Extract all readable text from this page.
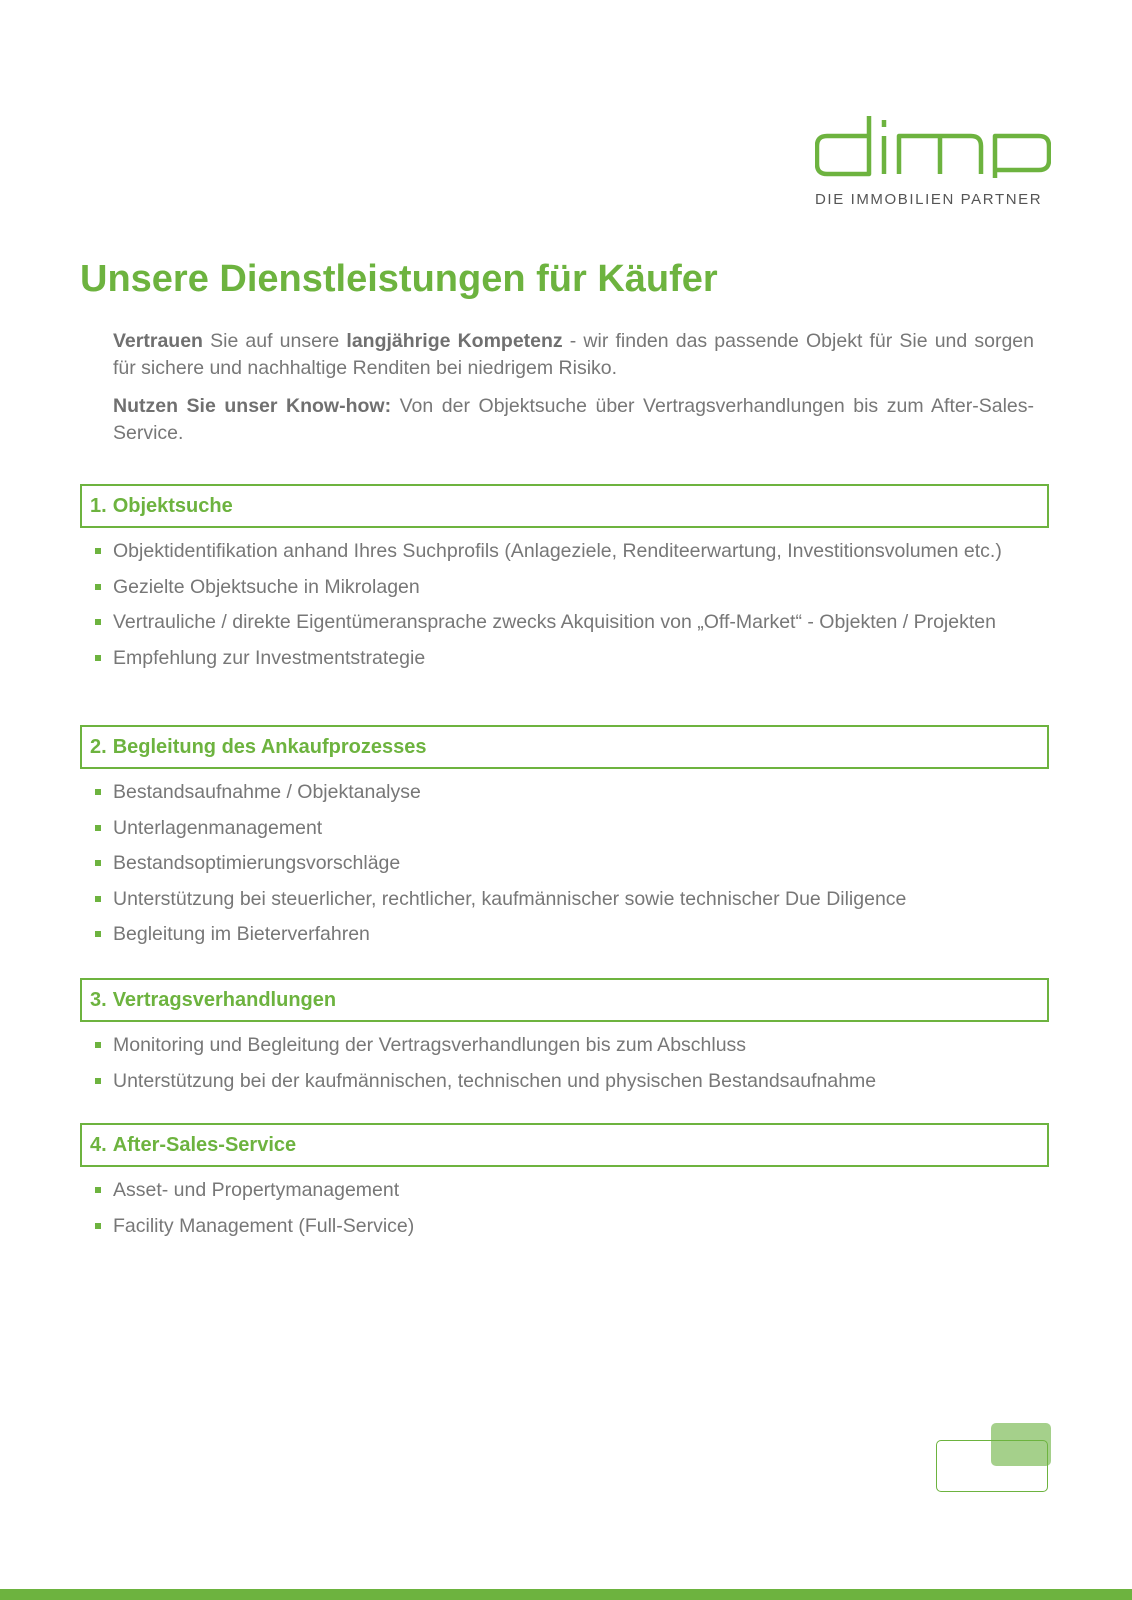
DIE IMMOBILIEN PARTNER
Unsere Dienstleistungen für Käufer

Vertrauen Sie auf unsere langjährige Kompetenz - wir finden das passende Objekt für Sie und sorgen für sichere und nachhaltige Renditen bei niedrigem Risiko.

Nutzen Sie unser Know-how: Von der Objektsuche über Vertragsverhandlungen bis zum After-Sales-Service.

1. Objektsuche
Objektidentifikation anhand Ihres Suchprofils (Anlageziele, Renditeerwartung, Investitionsvolumen etc.)
Gezielte Objektsuche in Mikrolagen
Vertrauliche / direkte Eigentümeransprache zwecks Akquisition von „Off-Market“ - Objekten / Projekten
Empfehlung zur Investmentstrategie
2. Begleitung des Ankaufprozesses
Bestandsaufnahme / Objektanalyse
Unterlagenmanagement
Bestandsoptimierungsvorschläge
Unterstützung bei steuerlicher, rechtlicher, kaufmännischer sowie technischer Due Diligence
Begleitung im Bieterverfahren
3. Vertragsverhandlungen
Monitoring und Begleitung der Vertragsverhandlungen bis zum Abschluss
Unterstützung bei der kaufmännischen, technischen und physischen Bestandsaufnahme
4. After-Sales-Service
Asset- und Propertymanagement
Facility Management (Full-Service)
